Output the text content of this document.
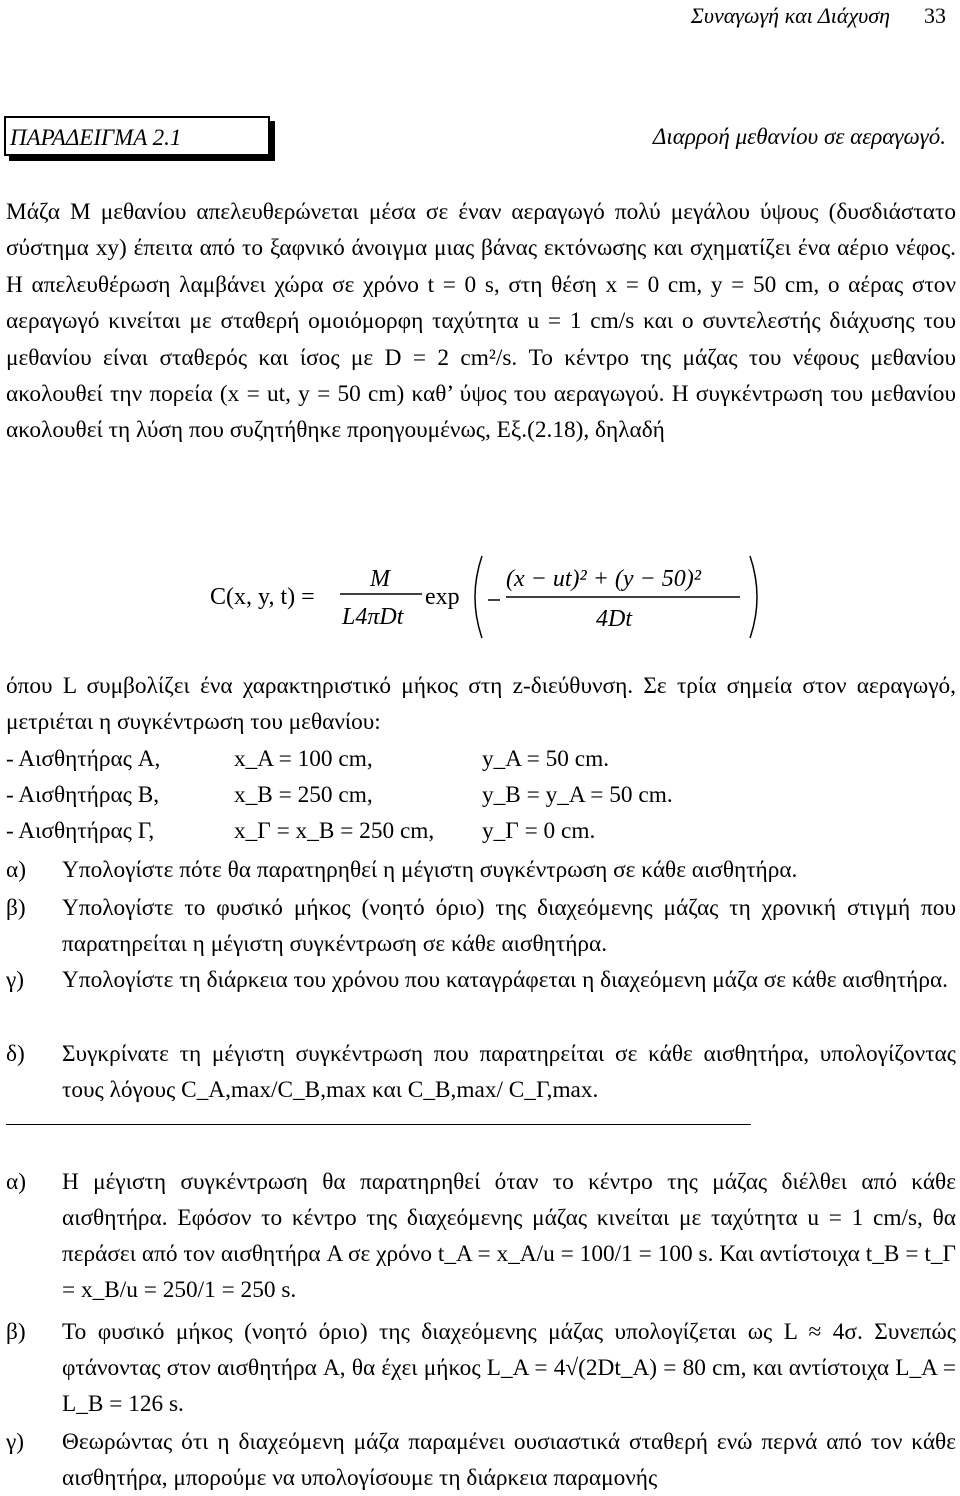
Συναγωγή και Διάχυση 33
ΠΑΡΑΔΕΙΓΜΑ 2.1	Διαρροή μεθανίου σε αεραγωγό.
Μάζα M μεθανίου απελευθερώνεται μέσα σε έναν αεραγωγό πολύ μεγάλου ύψους (δυσδιάστατο σύστημα xy) έπειτα από το ξαφνικό άνοιγμα μιας βάνας εκτόνωσης και σχηματίζει ένα αέριο νέφος. Η απελευθέρωση λαμβάνει χώρα σε χρόνο t = 0 s, στη θέση x = 0 cm, y = 50 cm, ο αέρας στον αεραγωγό κινείται με σταθερή ομοιόμορφη ταχύτητα u = 1 cm/s και ο συντελεστής διάχυσης του μεθανίου είναι σταθερός και ίσος με D = 2 cm²/s. Το κέντρο της μάζας του νέφους μεθανίου ακολουθεί την πορεία (x = ut, y = 50 cm) καθ’ ύψος του αεραγωγού. Η συγκέντρωση του μεθανίου ακολουθεί τη λύση που συζητήθηκε προηγουμένως, Εξ.(2.18), δηλαδή
C(x, y, t) =
M
L4πDt
exp
(x − ut)² + (y − 50)²
4Dt
όπου L συμβολίζει ένα χαρακτηριστικό μήκος στη z-διεύθυνση. Σε τρία σημεία στον αεραγωγό, μετριέται η συγκέντρωση του μεθανίου:
- Αισθητήρας A,	x_A = 100 cm,	y_A = 50 cm.
- Αισθητήρας B,	x_B = 250 cm,	y_B = y_A = 50 cm.
- Αισθητήρας Γ,	x_Γ = x_B = 250 cm, y_Γ = 0 cm.
α) Υπολογίστε πότε θα παρατηρηθεί η μέγιστη συγκέντρωση σε κάθε αισθητήρα.
β) Υπολογίστε το φυσικό μήκος (νοητό όριο) της διαχεόμενης μάζας τη χρονική στιγμή που παρατηρείται η μέγιστη συγκέντρωση σε κάθε αισθητήρα.
γ) Υπολογίστε τη διάρκεια του χρόνου που καταγράφεται η διαχεόμενη μάζα σε κάθε αισθητήρα.
δ) Συγκρίνατε τη μέγιστη συγκέντρωση που παρατηρείται σε κάθε αισθητήρα, υπολογίζοντας τους λόγους C_A,max/C_B,max και C_B,max/ C_Γ,max.
α) Η μέγιστη συγκέντρωση θα παρατηρηθεί όταν το κέντρο της μάζας διέλθει από κάθε αισθητήρα. Εφόσον το κέντρο της διαχεόμενης μάζας κινείται με ταχύτητα u = 1 cm/s, θα περάσει από τον αισθητήρα A σε χρόνο t_A = x_A/u = 100/1 = 100 s. Και αντίστοιχα t_B = t_Γ = x_B/u = 250/1 = 250 s.
β) Το φυσικό μήκος (νοητό όριο) της διαχεόμενης μάζας υπολογίζεται ως L ≈ 4σ. Συνεπώς φτάνοντας στον αισθητήρα A, θα έχει μήκος L_A = 4√(2Dt_A) = 80 cm, και αντίστοιχα L_A = L_B = 126 s.
γ) Θεωρώντας ότι η διαχεόμενη μάζα παραμένει ουσιαστικά σταθερή ενώ περνά από τον κάθε αισθητήρα, μπορούμε να υπολογίσουμε τη διάρκεια παραμονής
